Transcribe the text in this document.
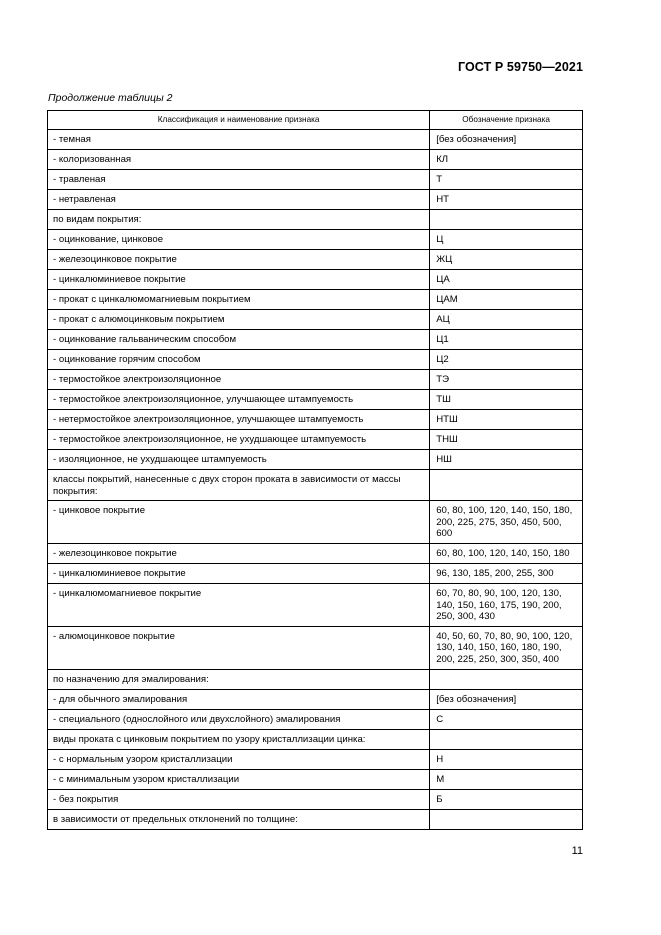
ГОСТ Р 59750—2021
Продолжение таблицы 2
Классификация и наименование признака	Обозначение признака
- темная	[без обозначения]
- колоризованная	КЛ
- травленая	Т
- нетравленая	НТ
по видам покрытия:	
- оцинкование, цинковое	Ц
- железоцинковое покрытие	ЖЦ
- цинкалюминиевое покрытие	ЦА
- прокат с цинкалюмомагниевым покрытием	ЦАМ
- прокат с алюмоцинковым покрытием	АЦ
- оцинкование гальваническим способом	Ц1
- оцинкование горячим способом	Ц2
- термостойкое электроизоляционное	ТЭ
- термостойкое электроизоляционное, улучшающее штампуемость	ТШ
- нетермостойкое электроизоляционное, улучшающее штампуемость	НТШ
- термостойкое электроизоляционное, не ухудшающее штампуемость	ТНШ
- изоляционное, не ухудшающее штампуемость	НШ
классы покрытий, нанесенные с двух сторон проката в зависимости от массы покрытия:	
- цинковое покрытие	60, 80, 100, 120, 140, 150, 180, 200, 225, 275, 350, 450, 500, 600
- железоцинковое покрытие	60, 80, 100, 120, 140, 150, 180
- цинкалюминиевое покрытие	96, 130, 185, 200, 255, 300
- цинкалюмомагниевое покрытие	60, 70, 80, 90, 100, 120, 130, 140, 150, 160, 175, 190, 200, 250, 300, 430
- алюмоцинковое покрытие	40, 50, 60, 70, 80, 90, 100, 120, 130, 140, 150, 160, 180, 190, 200, 225, 250, 300, 350, 400
по назначению для эмалирования:	
- для обычного эмалирования	[без обозначения]
- специального (однослойного или двухслойного) эмалирования	С
виды проката с цинковым покрытием по узору кристаллизации цинка:	
- с нормальным узором кристаллизации	Н
- с минимальным узором кристаллизации	М
- без покрытия	Б
в зависимости от предельных отклонений по толщине:	
11
